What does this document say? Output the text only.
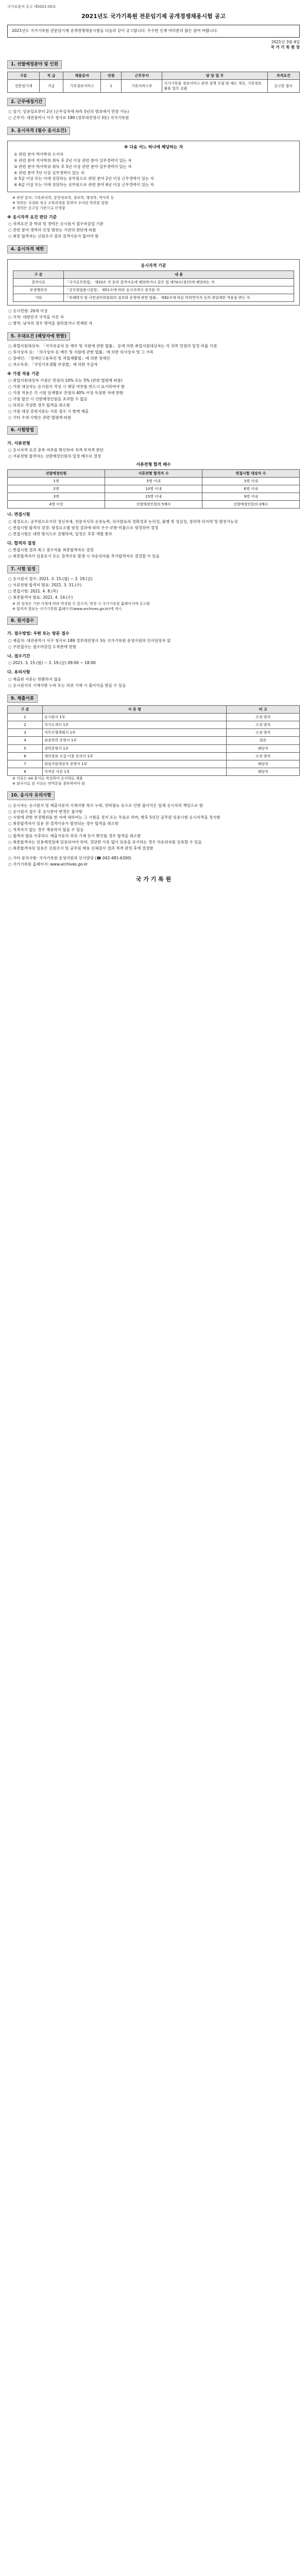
국가보훈처 공고 제2021-00호
2021년도 국가기록원 전문임기제 공개경쟁채용시험 공고
2021년도 국가기록원 전문임기제 공개경쟁채용시험을 다음과 같이 공고합니다. 우수한 인재 여러분의 많은 참여 바랍니다.
2021년 3월 4일
국 가 기 록 원 장
1. 선발예정분야 및 인원
구분	직 급	채용분야	인원	근무부서	담 당 업 무	자격요건
전문임기제	가급	기록정보서비스	1	기록서비스부	국가기록물 정보서비스 관련 정책 수립 및 제도 개선, 기록정보 활용 업무 총괄	공고문 참조
2. 근무예정기간
○ 임기: 임용일로부터 2년 (근무실적에 따라 5년의 범위에서 연장 가능)
○ 근무지: 대전광역시 서구 청사로 189 (정부대전청사 3동) 국가기록원
3. 응시자격 (필수 응시요건)
※ 다음 어느 하나에 해당하는 자
① 관련 분야 박사학위 소지자
② 관련 분야 석사학위 취득 후 2년 이상 관련 분야 실무경력이 있는 자
③ 관련 분야 학사학위 취득 후 5년 이상 관련 분야 실무경력이 있는 자
④ 관련 분야 7년 이상 실무경력이 있는 자
⑤ 5급 이상 또는 이에 상당하는 공무원으로 관련 분야 2년 이상 근무경력이 있는 자
⑥ 6급 이상 또는 이에 상당하는 공무원으로 관련 분야 4년 이상 근무경력이 있는 자
※ 관련 분야: 기록관리학, 문헌정보학, 정보학, 행정학, 역사학 등
※ 학위는 국내외 정규 교육과정을 통하여 수여된 학위를 말함
※ 경력은 공고일 기준으로 산정함
※ 응시자격 요건 판단 기준
○ 자격요건 중 학위 및 경력은 응시원서 접수마감일 기준
○ 관련 분야 경력의 인정 범위는 기관의 판단에 따름
○ 최종 합격자는 신원조사 결과 결격사유가 없어야 함
4. 응시자격 제한
응시자격 기준
구 분	내 용
결격사유	「국가공무원법」 제33조 각 호의 결격사유에 해당하거나 같은 법 제74조(정년)에 해당하는 자
부정행위자	「공무원임용시험령」 제51조에 따라 응시자격이 정지된 자
기타	「부패방지 및 국민권익위원회의 설치와 운영에 관한 법률」 제82조에 따른 비위면직자 등의 취업제한 적용을 받는 자
○ 응시연령: 20세 이상
○ 국적: 대한민국 국적을 가진 자
○ 병역: 남자의 경우 병역을 필하였거나 면제된 자
5. 우대요건 (해당자에 한함)
○ 취업지원대상자: 「국가유공자 등 예우 및 지원에 관한 법률」 등에 의한 취업지원대상자는 각 과목 만점의 일정 비율 가점
○ 의사상자 등: 「의사상자 등 예우 및 지원에 관한 법률」에 의한 의사상자 및 그 가족
○ 장애인: 「장애인고용촉진 및 직업재활법」에 의한 장애인
○ 저소득층: 「국민기초생활 보장법」에 의한 수급자
※ 가점 적용 기준
○ 취업지원대상자 가점은 만점의 10% 또는 5% (관련 법령에 따름)
○ 가점 대상자는 응시원서 작성 시 해당 여부를 반드시 표기하여야 함
○ 가점 적용은 각 시험 단계별로 만점의 40% 이상 득점한 자에 한함
○ 가점 합산 시 선발예정인원을 초과할 수 없음
○ 허위로 작성한 경우 합격을 취소함
○ 가점 대상 증빙서류는 서류 접수 시 함께 제출
○ 기타 우대 사항은 관련 법령에 따름
6. 시험방법
가. 서류전형
○ 응시자격 요건 충족 여부를 확인하여 적격·부적격 판단
○ 서류전형 합격자는 선발예정인원의 일정 배수로 결정
서류전형 합격 배수
선발예정인원	서류전형 합격자 수	면접시험 대상자 수
1명	5명 이내	3명 이내
2명	10명 이내	6명 이내
3명	15명 이내	9명 이내
4명 이상	선발예정인원의 5배수	선발예정인원의 3배수
나. 면접시험
○ 평정요소: 공무원으로서의 정신자세, 전문지식과 응용능력, 의사발표의 정확성과 논리성, 품행 및 성실성, 창의력·의지력 및 발전가능성
○ 면접시험 합격자 결정: 평정요소별 평정 결과에 따라 우수·보통·미흡으로 평정하여 결정
○ 면접시험은 대면 방식으로 진행하며, 일정은 추후 개별 통보
다. 합격자 결정
○ 면접시험 결과 최고 점수자를 최종합격자로 결정
○ 최종합격자가 임용포기 또는 결격사유 발생 시 차순위자를 추가합격자로 결정할 수 있음
7. 시험 일정
○ 응시원서 접수: 2021. 3. 15.(월) ~ 3. 19.(금)
○ 서류전형 합격자 발표: 2021. 3. 31.(수)
○ 면접시험: 2021. 4. 8.(목)
○ 최종합격자 발표: 2021. 4. 14.(수)
※ 위 일정은 기관 사정에 따라 변경될 수 있으며, 변경 시 국가기록원 홈페이지에 공고함
※ 합격자 발표는 국가기록원 홈페이지(www.archives.go.kr)에 게시
8. 원서접수
가. 접수방법: 우편 또는 방문 접수
○ 제출처: 대전광역시 서구 청사로 189 정부대전청사 3동 국가기록원 운영지원과 인사담당자 앞
○ 우편접수는 접수마감일 도착분에 한함
나. 접수기간
○ 2021. 3. 15.(월) ~ 3. 19.(금) 09:00 ~ 18:00
다. 유의사항
○ 제출된 서류는 반환하지 않음
○ 응시원서의 기재사항 누락 또는 허위 기재 시 불이익을 받을 수 있음
9. 제출서류
구 분	서 류 명	비 고
1	응시원서 1부	소정 양식
2	자기소개서 1부	소정 양식
3	직무수행계획서 1부	소정 양식
4	최종학력 증명서 1부	원본
5	경력증명서 1부	해당자
6	개인정보 수집·이용 동의서 1부	소정 양식
7	취업지원대상자 증명서 1부	해당자
8	자격증 사본 1부	해당자
※ 서류는 A4 용지로 작성하여 순서대로 제출
※ 외국어로 된 서류는 번역본을 첨부하여야 함
10. 응시자 유의사항
○ 응시자는 응시원서 및 제출서류의 기재사항 착오·누락, 연락불능 등으로 인한 불이익은 일체 응시자의 책임으로 함
○ 응시원서 접수 후 응시분야 변경은 불가함
○ 시험에 관한 부정행위를 한 자에 대하여는 그 시험을 정지 또는 무효로 하며, 향후 5년간 공무원 임용시험 응시자격을 정지함
○ 최종합격자가 임용 전 결격사유가 발견되는 경우 합격을 취소함
○ 적격자가 없는 경우 채용하지 않을 수 있음
○ 합격자 발표 이후라도 제출서류의 허위 기재 등이 확인될 경우 합격을 취소함
○ 최종합격자는 임용예정일에 임용되어야 하며, 정당한 사유 없이 임용을 포기하는 경우 차순위자를 임용할 수 있음
○ 최종합격자의 임용은 신원조사 및 공무원 채용 신체검사 결과 적격 판정 후에 결정함
○ 기타 문의사항: 국가기록원 운영지원과 인사담당 (☎ 042-481-6300)
○ 국가기록원 홈페이지: www.archives.go.kr
국 가 기 록 원
